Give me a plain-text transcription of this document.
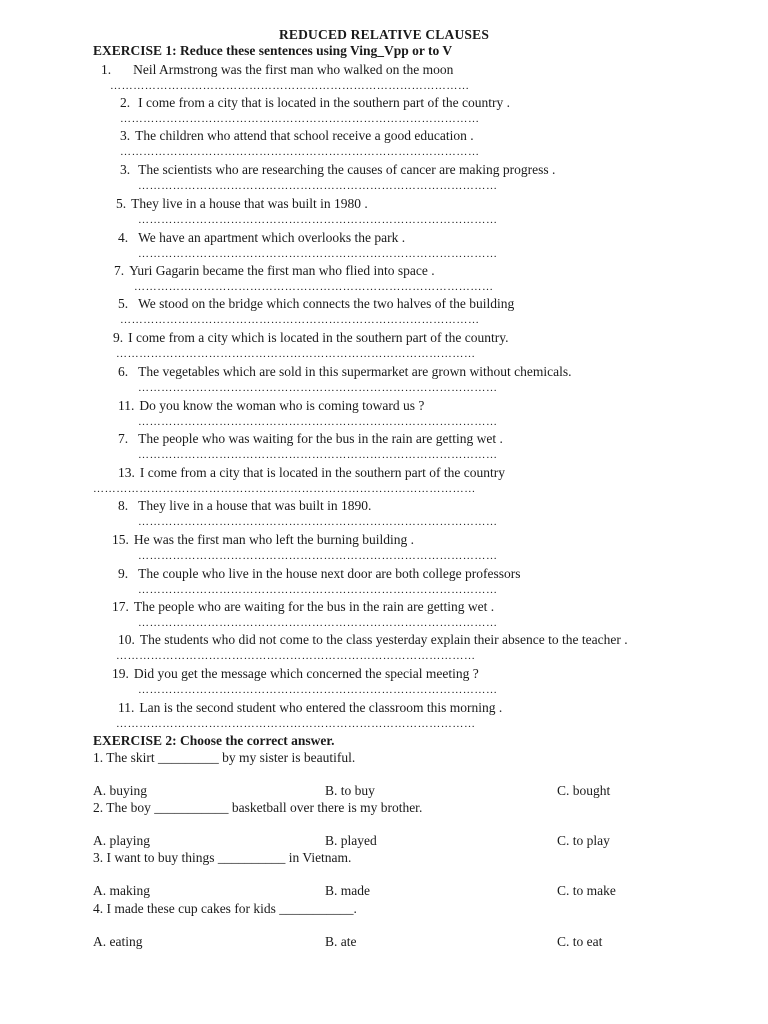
REDUCED RELATIVE CLAUSES
EXERCISE 1: Reduce these sentences using Ving_Vpp or to V
1. Neil Armstrong was the first man who walked on the moon
…………………………………………………………………………………
2. I come from a city that is located in the southern part of the country .
…………………………………………………………………………………
3. The children who attend that school receive a good education .
…………………………………………………………………………………
3. The scientists who are researching the causes of cancer are making progress .
…………………………………………………………………………………
5. They live in a house that was built in 1980 .
…………………………………………………………………………………
4. We have an apartment which overlooks the park .
…………………………………………………………………………………
7. Yuri Gagarin became the first man who flied into space .
…………………………………………………………………………………
5. We stood on the bridge which connects the two halves of the building
…………………………………………………………………………………
9. I come from a city which is located in the southern part of the country.
…………………………………………………………………………………
6. The vegetables which are sold in this supermarket are grown without chemicals.
…………………………………………………………………………………
11. Do you know the woman who is coming toward us ?
…………………………………………………………………………………
7. The people who was waiting for the bus in the rain are getting wet .
…………………………………………………………………………………
13. I come from a city that is located in the southern part of the country
………………………………………………………………………………………
8. They live in a house that was built in 1890.
…………………………………………………………………………………
15. He was the first man who left the burning building .
…………………………………………………………………………………
9. The couple who live in the house next door are both college professors
…………………………………………………………………………………
17. The people who are waiting for the bus in the rain are getting wet .
…………………………………………………………………………………
10. The students who did not come to the class yesterday explain their absence to the teacher .
…………………………………………………………………………………
19. Did you get the message which concerned the special meeting ?
…………………………………………………………………………………
11. Lan is the second student who entered the classroom this morning .
…………………………………………………………………………………
EXERCISE 2: Choose the correct answer.
1. The skirt _________ by my sister is beautiful.
A. buying	B. to buy	C. bought
2. The boy ___________ basketball over there is my brother.
A. playing	B. played	C. to play
3. I want to buy things __________ in Vietnam.
A. making	B. made	C. to make
4. I made these cup cakes for kids ___________.
A. eating	B. ate	C. to eat
